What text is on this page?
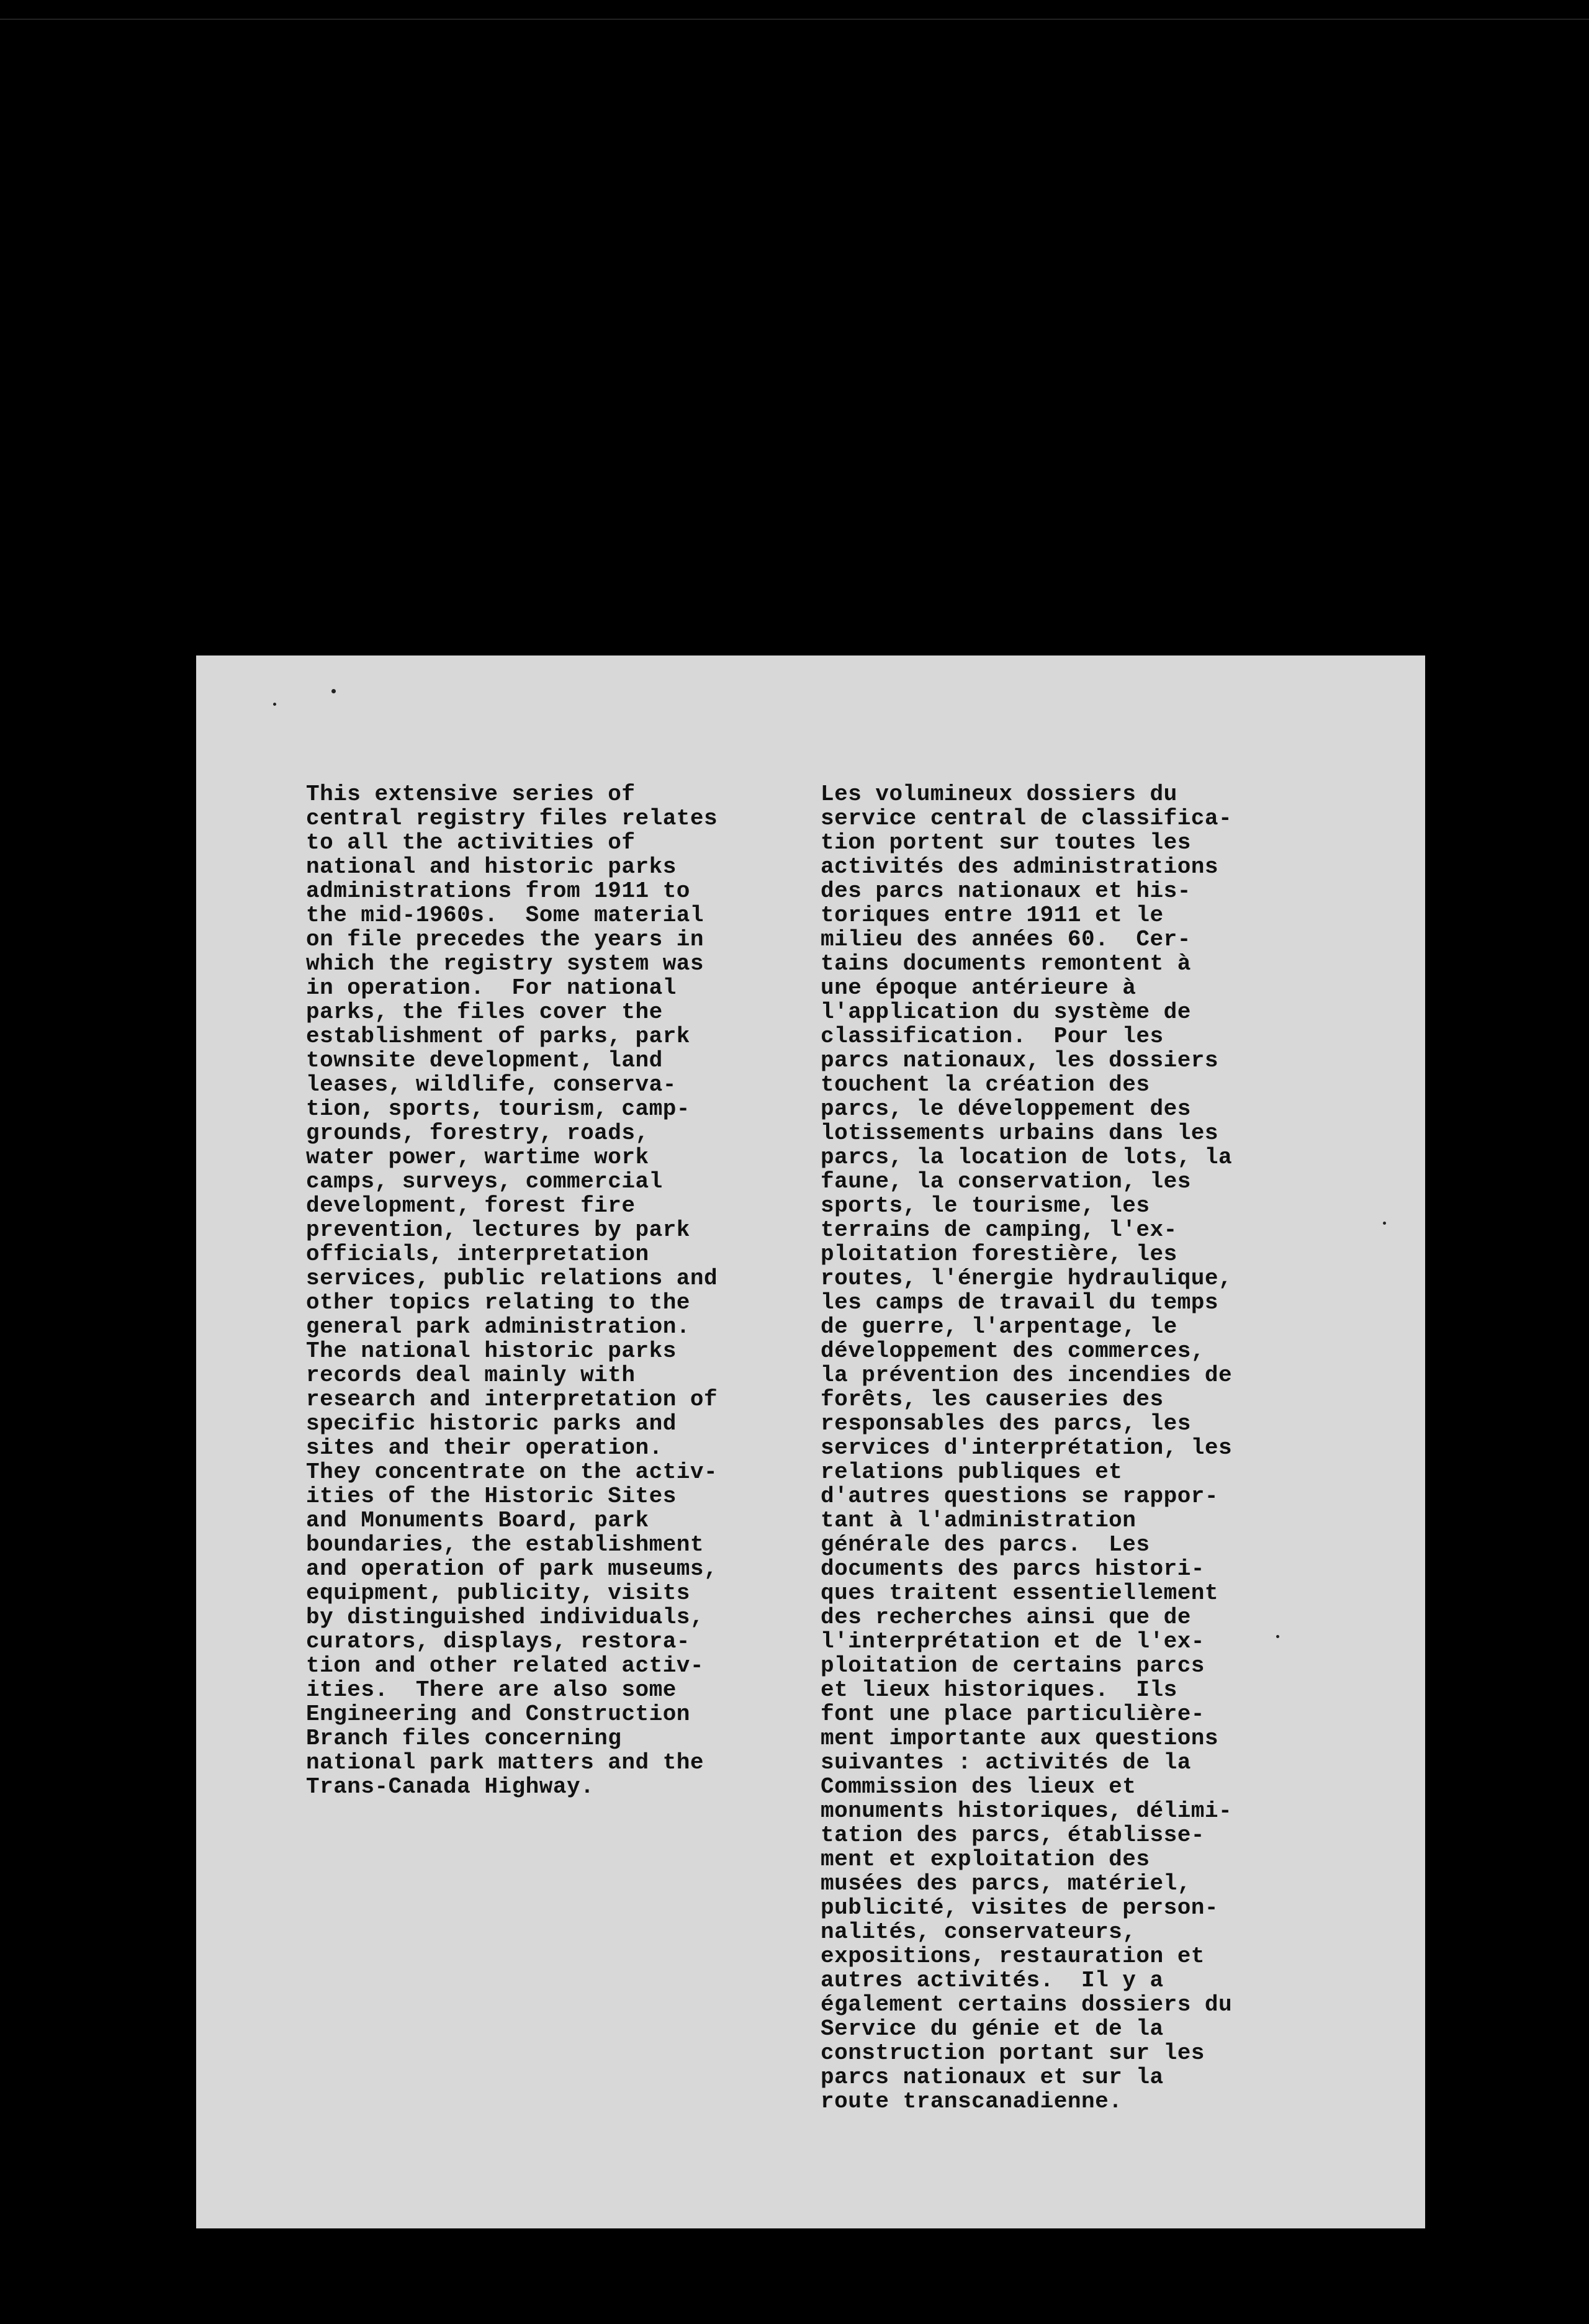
This extensive series of
central registry files relates
to all the activities of
national and historic parks
administrations from 1911 to
the mid-1960s.  Some material
on file precedes the years in
which the registry system was
in operation.  For national
parks, the files cover the
establishment of parks, park
townsite development, land
leases, wildlife, conserva-
tion, sports, tourism, camp-
grounds, forestry, roads,
water power, wartime work
camps, surveys, commercial
development, forest fire
prevention, lectures by park
officials, interpretation
services, public relations and
other topics relating to the
general park administration.
The national historic parks
records deal mainly with
research and interpretation of
specific historic parks and
sites and their operation.
They concentrate on the activ-
ities of the Historic Sites
and Monuments Board, park
boundaries, the establishment
and operation of park museums,
equipment, publicity, visits
by distinguished individuals,
curators, displays, restora-
tion and other related activ-
ities.  There are also some
Engineering and Construction
Branch files concerning
national park matters and the
Trans-Canada Highway.
Les volumineux dossiers du
service central de classifica-
tion portent sur toutes les
activités des administrations
des parcs nationaux et his-
toriques entre 1911 et le
milieu des années 60.  Cer-
tains documents remontent à
une époque antérieure à
l'application du système de
classification.  Pour les
parcs nationaux, les dossiers
touchent la création des
parcs, le développement des
lotissements urbains dans les
parcs, la location de lots, la
faune, la conservation, les
sports, le tourisme, les
terrains de camping, l'ex-
ploitation forestière, les
routes, l'énergie hydraulique,
les camps de travail du temps
de guerre, l'arpentage, le
développement des commerces,
la prévention des incendies de
forêts, les causeries des
responsables des parcs, les
services d'interprétation, les
relations publiques et
d'autres questions se rappor-
tant à l'administration
générale des parcs.  Les
documents des parcs histori-
ques traitent essentiellement
des recherches ainsi que de
l'interprétation et de l'ex-
ploitation de certains parcs
et lieux historiques.  Ils
font une place particulière-
ment importante aux questions
suivantes : activités de la
Commission des lieux et
monuments historiques, délimi-
tation des parcs, établisse-
ment et exploitation des
musées des parcs, matériel,
publicité, visites de person-
nalités, conservateurs,
expositions, restauration et
autres activités.  Il y a
également certains dossiers du
Service du génie et de la
construction portant sur les
parcs nationaux et sur la
route transcanadienne.
